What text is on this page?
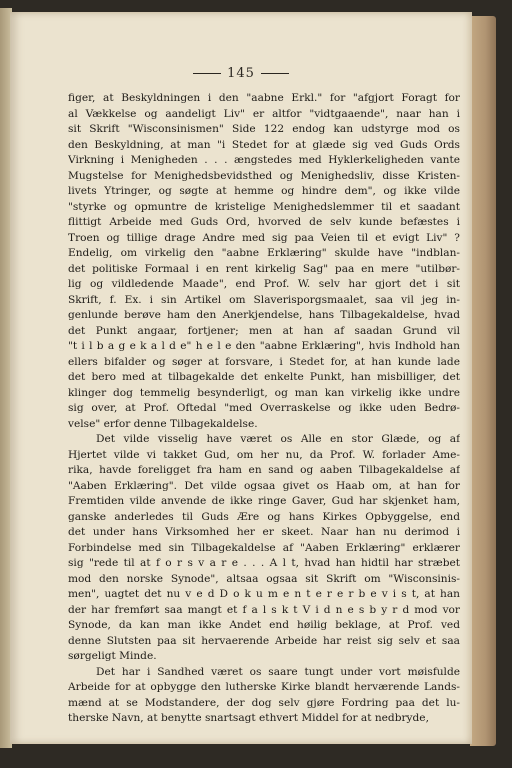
145
figer, at Beskyldningen i den "aabne Erkl." for "afgjort Foragt for
al Vækkelse og aandeligt Liv" er altfor "vidtgaaende", naar han i
sit Skrift "Wisconsinismen" Side 122 endog kan udstyrge mod os
den Beskyldning, at man "i Stedet for at glæde sig ved Guds Ords
Virkning i Menigheden . . . ængstedes med Hyklerkeligheden vante
Mugstelse for Menighedsbevidsthed og Menighedsliv, disse Kristen-
livets Ytringer, og søgte at hemme og hindre dem", og ikke vilde
"styrke og opmuntre de kristelige Menighedslemmer til et saadant
flittigt Arbeide med Guds Ord, hvorved de selv kunde befæstes i
Troen og tillige drage Andre med sig paa Veien til et evigt Liv" ?
Endelig, om virkelig den "aabne Erklæring" skulde have "indblan-
det politiske Formaal i en rent kirkelig Sag" paa en mere "utilbør-
lig og vildledende Maade", end Prof. W. selv har gjort det i sit
Skrift, f. Ex. i sin Artikel om Slaverisporgsmaalet, saa vil jeg in-
genlunde berøve ham den Anerkjendelse, hans Tilbagekaldelse, hvad
det Punkt angaar, fortjener; men at han af saadan Grund vil
"t i l b a g e k a l d e" h e l e den "aabne Erklæring", hvis Indhold han
ellers bifalder og søger at forsvare, i Stedet for, at han kunde lade
det bero med at tilbagekalde det enkelte Punkt, han misbilliger, det
klinger dog temmelig besynderligt, og man kan virkelig ikke undre
sig over, at Prof. Oftedal "med Overraskelse og ikke uden Bedrø-
velse" erfor denne Tilbagekaldelse.
Det vilde visselig have været os Alle en stor Glæde, og af
Hjertet vilde vi takket Gud, om her nu, da Prof. W. forlader Ame-
rika, havde foreligget fra ham en sand og aaben Tilbagekaldelse af
"Aaben Erklæring". Det vilde ogsaa givet os Haab om, at han for
Fremtiden vilde anvende de ikke ringe Gaver, Gud har skjenket ham,
ganske anderledes til Guds Ære og hans Kirkes Opbyggelse, end
det under hans Virksomhed her er skeet. Naar han nu derimod i
Forbindelse med sin Tilbagekaldelse af "Aaben Erklæring" erklærer
sig "rede til at f o r s v a r e . . . A l t, hvad han hidtil har stræbet
mod den norske Synode", altsaa ogsaa sit Skrift om "Wisconsinis-
men", uagtet det nu v e d D o k u m e n t e r e r b e v i s t, at han
der har fremført saa mangt et f a l s k t V i d n e s b y r d mod vor
Synode, da kan man ikke Andet end høilig beklage, at Prof. ved
denne Slutsten paa sit hervaerende Arbeide har reist sig selv et saa
sørgeligt Minde.
Det har i Sandhed været os saare tungt under vort møisfulde
Arbeide for at opbygge den lutherske Kirke blandt herværende Lands-
mænd at se Modstandere, der dog selv gjøre Fordring paa det lu-
therske Navn, at benytte snartsagt ethvert Middel for at nedbryde,
